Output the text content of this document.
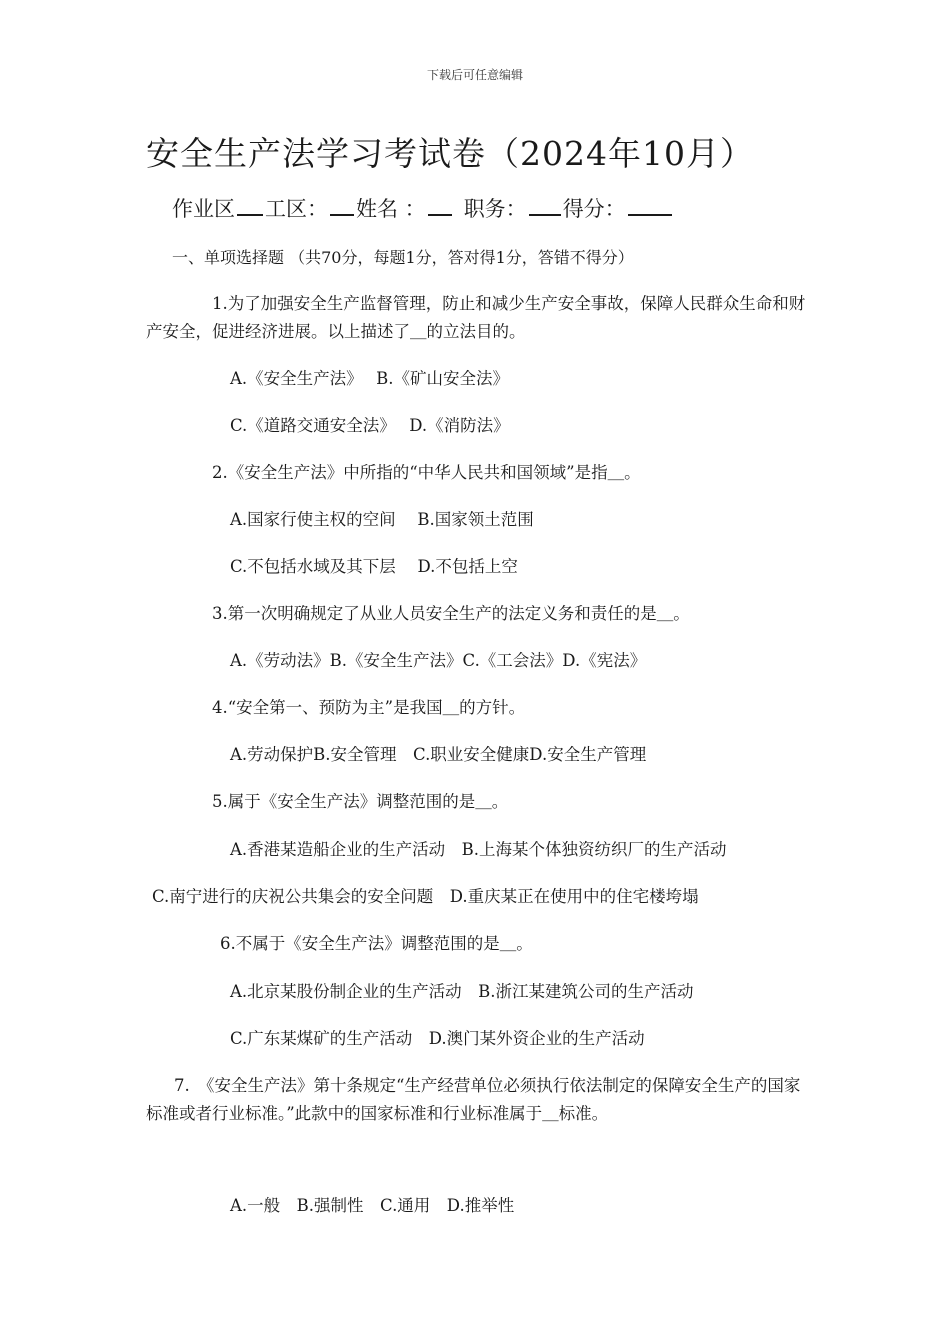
下载后可任意编辑
安全生产法学习考试卷（2024年10月）
作业区 工区： 姓名 ： 职务： 得分：
一、单项选择题 （共70分，每题1分，答对得1分，答错不得分）
1.为了加强安全生产监督管理，防止和减少生产安全事故，保障人民群众生命和财产安全，促进经济进展。以上描述了＿的立法目的。
A.《安全生产法》　 B.《矿山安全法》
C.《道路交通安全法》　 D.《消防法》
2.《安全生产法》中所指的“中华人民共和国领域”是指＿。
A.国家行使主权的空间　 B.国家领土范围
C.不包括水域及其下层　 D.不包括上空
3.第一次明确规定了从业人员安全生产的法定义务和责任的是＿。
A.《劳动法》B.《安全生产法》C.《工会法》D.《宪法》
4.“安全第一、预防为主”是我国＿的方针。
A.劳动保护B.安全管理　C.职业安全健康D.安全生产管理
5.属于《安全生产法》调整范围的是＿。
A.香港某造船企业的生产活动　B.上海某个体独资纺织厂的生产活动
C.南宁进行的庆祝公共集会的安全问题　D.重庆某正在使用中的住宅楼垮塌
6.不属于《安全生产法》调整范围的是＿。
A.北京某股份制企业的生产活动　B.浙江某建筑公司的生产活动
C.广东某煤矿的生产活动　D.澳门某外资企业的生产活动
7.　《安全生产法》第十条规定“生产经营单位必须执行依法制定的保障安全生产的国家标准或者行业标准。”此款中的国家标准和行业标准属于＿标准。
A.一般　B.强制性　C.通用　D.推举性
